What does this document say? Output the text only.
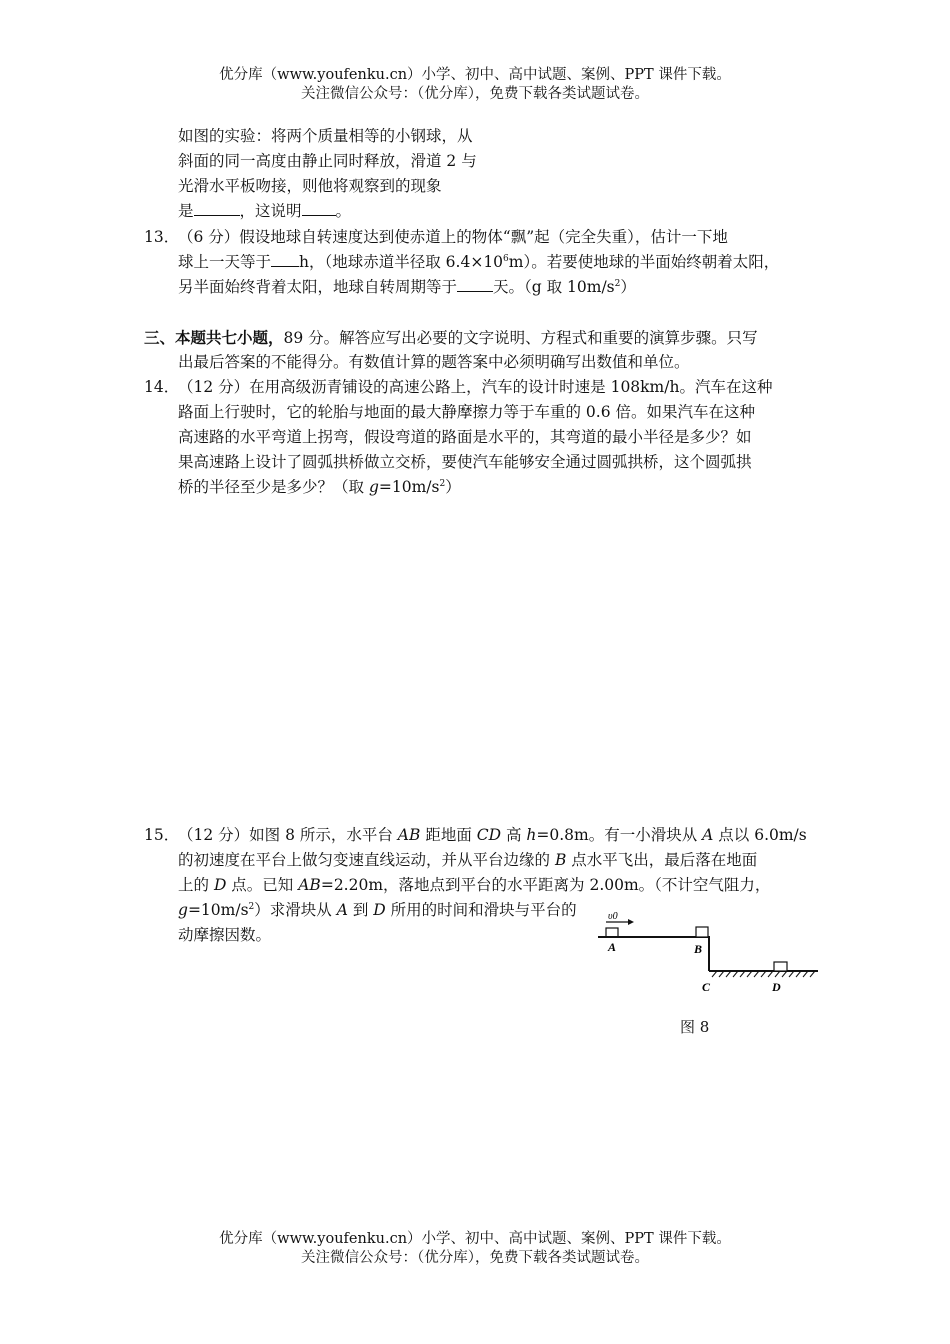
优分库（www.youfenku.cn）小学、初中、高中试题、案例、PPT 课件下载。
关注微信公众号：（优分库），免费下载各类试题试卷。
如图的实验：将两个质量相等的小钢球，从
斜面的同一高度由静止同时释放，滑道 2 与
光滑水平板吻接，则他将观察到的现象
是	，这说明 。
13．
（6 分）假设地球自转速度达到使赤道上的物体“飘”起（完全失重），估计一下地
球上一天等于 h，（地球赤道半径取 $6.4\times 10^6m$）。若要使地球的半面始终朝着太阳，
另半面始终背着太阳，地球自转周期等于 天。（g 取 $10m/s^2$）
三、本题共七小题，89 分。解答应写出必要的文字说明、方程式和重要的演算步骤。只写
出最后答案的不能得分。有数值计算的题答案中必须明确写出数值和单位。
14．
（12 分）在用高级沥青铺设的高速公路上，汽车的设计时速是 108km/h。汽车在这种
路面上行驶时，它的轮胎与地面的最大静摩擦力等于车重的 0.6 倍。如果汽车在这种
高速路的水平弯道上拐弯，假设弯道的路面是水平的，其弯道的最小半径是多少？如
果高速路上设计了圆弧拱桥做立交桥，要使汽车能够安全通过圆弧拱桥，这个圆弧拱
桥的半径至少是多少？（取 $g=10m/s^2$）
15．
（12 分）如图 8 所示，水平台 AB 距地面 CD 高 h=0.8m。有一小滑块从 A 点以 6.0m/s
的初速度在平台上做匀变速直线运动，并从平台边缘的 B 点水平飞出，最后落在地面
上的 D 点。已知 AB=2.20m，落地点到平台的水平距离为 2.00m。（不计空气阻力，
$g=10m/s^2$）求滑块从 A 到 D 所用的时间和滑块与平台的
动摩擦因数。
υ0
A	B
C	D
图 8
优分库（www.youfenku.cn）小学、初中、高中试题、案例、PPT 课件下载。
关注微信公众号：（优分库），免费下载各类试题试卷。
